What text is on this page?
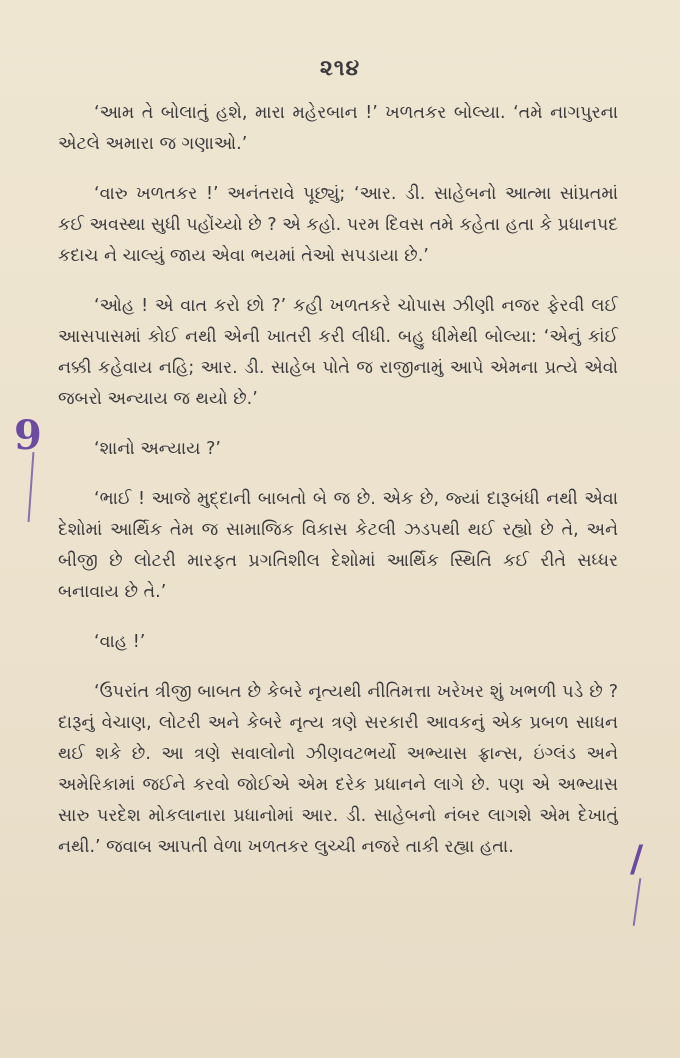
૨૧૪

‘આમ તે બોલાતું હશે, મારા મહેરબાન !’ ખળતકર બોલ્યા. ‘તમે નાગપુરના એટલે અમારા જ ગણાઓ.’

‘વારુ ખળતકર !’ અનંતરાવે પૂછ્યું; ‘આર. ડી. સાહેબનો આત્મા સાંપ્રતમાં કઈ અવસ્થા સુધી પહોંચ્યો છે ? એ કહો. પરમ દિવસ તમે કહેતા હતા કે પ્રધાનપદ કદાચ ને ચાલ્યું જાય એવા ભયમાં તેઓ સપડાયા છે.’

‘ઓહ ! એ વાત કરો છો ?’ કહી ખળતકરે ચોપાસ ઝીણી નજર ફેરવી લઈ આસપાસમાં કોઈ નથી એની ખાતરી કરી લીધી. બહુ ધીમેથી બોલ્યા: ‘એનું કાંઈ નક્કી કહેવાય નહિ; આર. ડી. સાહેબ પોતે જ રાજીનામું આપે એમના પ્રત્યે એવો જબરો અન્યાય જ થયો છે.’

‘શાનો અન્યાય ?’

‘ભાઈ ! આજે મુદ્દાની બાબતો બે જ છે. એક છે, જ્યાં દારૂબંધી નથી એવા દેશોમાં આર્થિક તેમ જ સામાજિક વિકાસ કેટલી ઝડપથી થઈ રહ્યો છે તે, અને બીજી છે લોટરી મારફત પ્રગતિશીલ દેશોમાં આર્થિક સ્થિતિ કઈ રીતે સધ્ધર બનાવાય છે તે.’

‘વાહ !’

‘ઉપરાંત ત્રીજી બાબત છે કેબરે નૃત્યથી નીતિમત્તા ખરેખર શું ખભળી પડે છે ? દારૂનું વેચાણ, લોટરી અને કેબરે નૃત્ય ત્રણે સરકારી આવકનું એક પ્રબળ સાધન થઈ શકે છે. આ ત્રણે સવાલોનો ઝીણવટભર્યો અભ્યાસ ફ્રાન્સ, ઇંગ્લંડ અને અમેરિકામાં જઈને કરવો જોઈએ એમ દરેક પ્રધાનને લાગે છે. પણ એ અભ્યાસ સારુ પરદેશ મોકલાનારા પ્રધાનોમાં આર. ડી. સાહેબનો નંબર લાગશે એમ દેખાતું નથી.’ જવાબ આપતી વેળા ખળતકર લુચ્ચી નજરે તાકી રહ્યા હતા.

9
/
